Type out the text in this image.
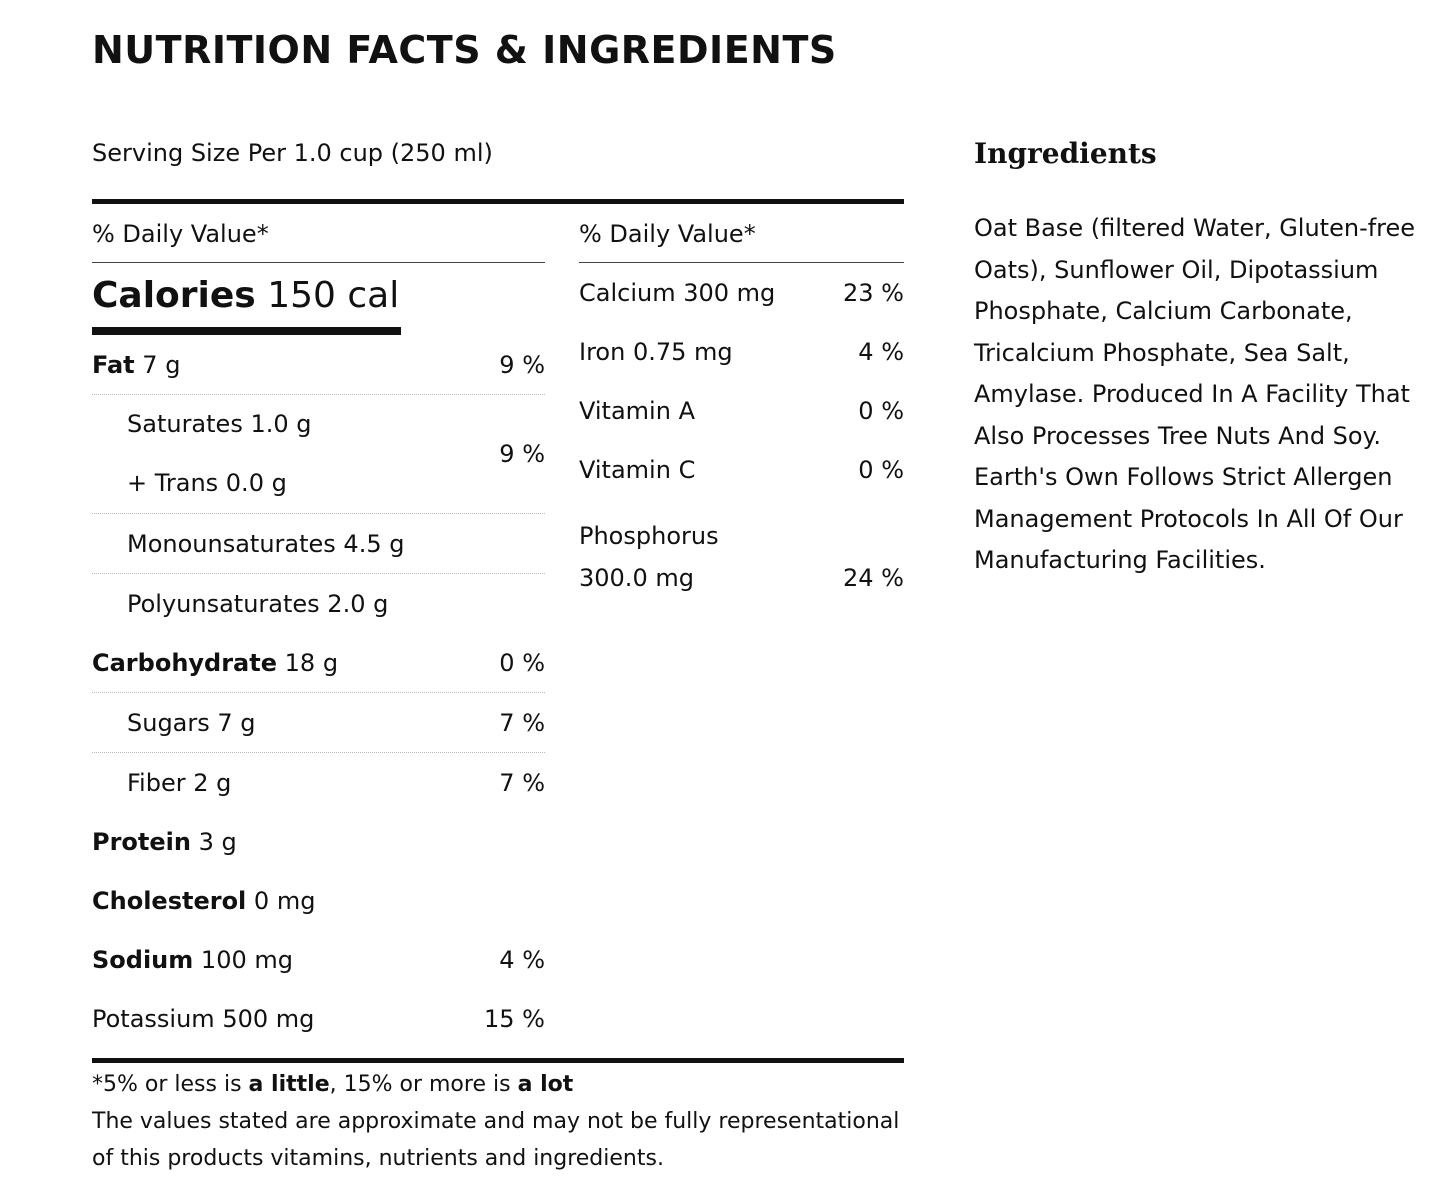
NUTRITION FACTS & INGREDIENTS
Serving Size Per 1.0 cup (250 ml)
% Daily Value*
Calories 150 cal
Fat 7 g	9 %
Saturates 1.0 g
+ Trans 0.0 g
9 %
Monounsaturates 4.5 g
Polyunsaturates 2.0 g
Carbohydrate 18 g	0 %
Sugars 7 g	7 %
Fiber 2 g	7 %
Protein 3 g
Cholesterol 0 mg
Sodium 100 mg	4 %
Potassium 500 mg	15 %
% Daily Value*
Calcium 300 mg	23 %
Iron 0.75 mg	4 %
Vitamin A	0 %
Vitamin C	0 %
Phosphorus
300.0 mg	24 %
*5% or less is a little, 15% or more is a lot
The values stated are approximate and may not be fully representational of this products vitamins, nutrients and ingredients.
Ingredients

Oat Base (filtered Water, Gluten-free Oats), Sunflower Oil, Dipotassium Phosphate, Calcium Carbonate, Tricalcium Phosphate, Sea Salt, Amylase. Produced In A Facility That Also Processes Tree Nuts And Soy. Earth's Own Follows Strict Allergen Management Protocols In All Of Our Manufacturing Facilities.
